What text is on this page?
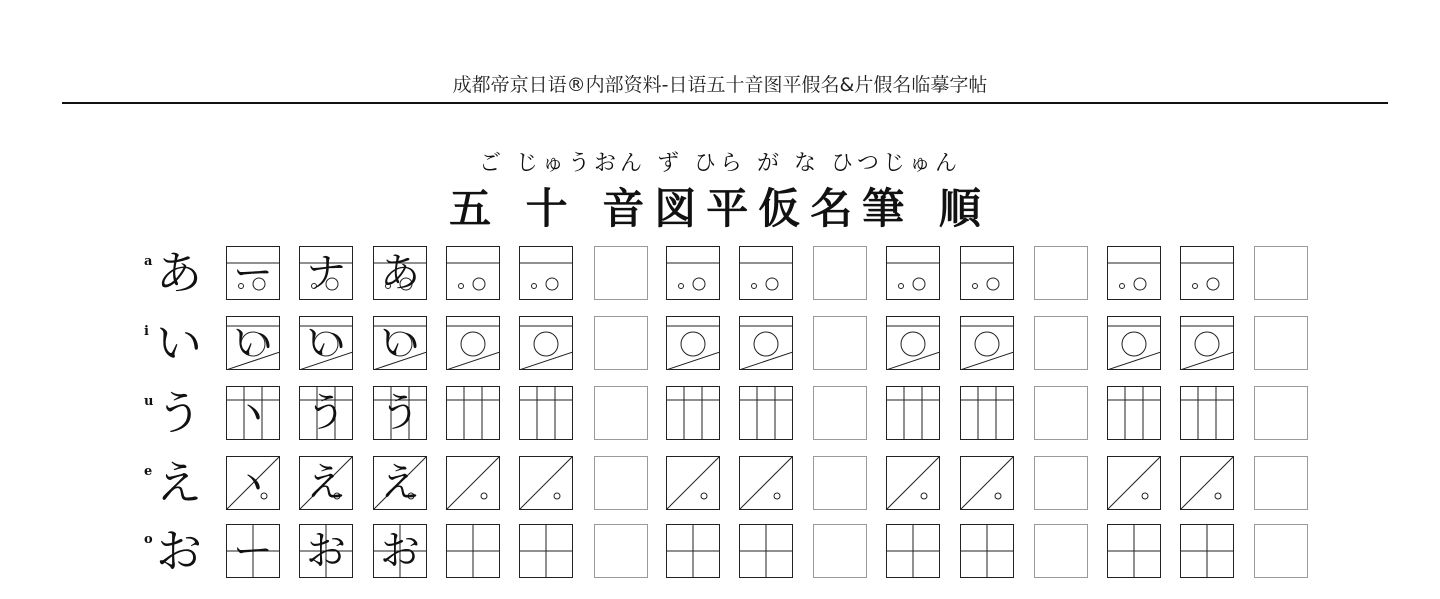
成都帝京日语®内部资料-日语五十音图平假名&片假名临摹字帖
ご じゅうおん ず ひら が な ひつじゅん
五 十 音図平仮名筆 順
a あ ー ナ あ
i い い い い
u う ヽ う う
e え ヽ え え
o お ー お お
